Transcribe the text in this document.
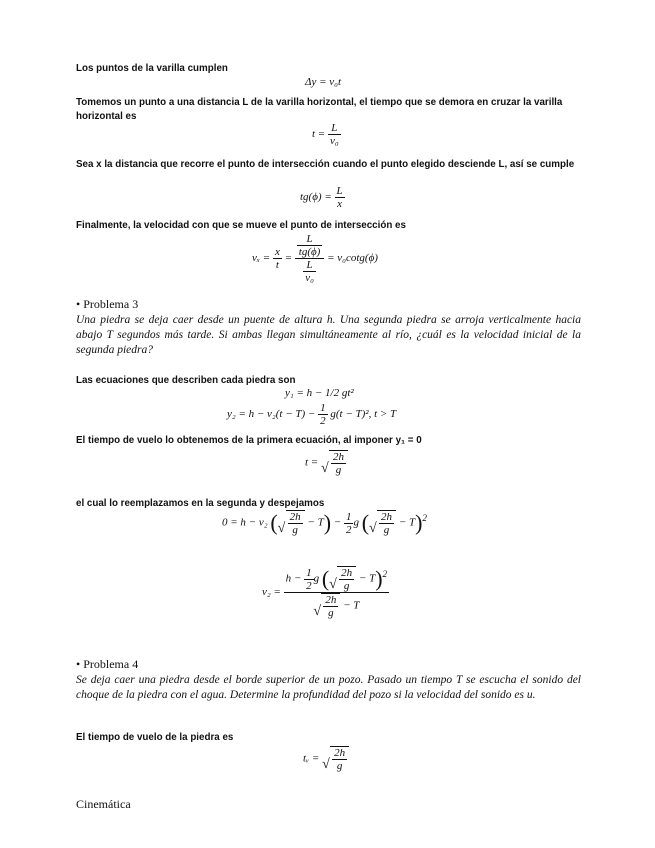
Los puntos de la varilla cumplen
Δy = v₀t
Tomemos un punto a una distancia L de la varilla horizontal, el tiempo que se demora en cruzar la varilla horizontal es
$t = \frac{L}{\text{v₀}}$
Sea x la distancia que recorre el punto de intersección cuando el punto elegido desciende L, así se cumple
$tg(\phi) = \frac{L}{x}$
Finalmente, la velocidad con que se mueve el punto de intersección es
$v_x = \frac{x}{t} = \frac{\frac{L}{tg(\phi)}}{\frac{L}{\text{v₀}}} = v_0\cot g(\phi)$
• Problema 3
Una piedra se deja caer desde un puente de altura h. Una segunda piedra se arroja verticalmente hacia abajo T segundos más tarde. Si ambas llegan simultáneamente al río, ¿cuál es la velocidad inicial de la segunda piedra?
Las ecuaciones que describen cada piedra son
y₁ = h − 1/2 gt²
$y_2 = h - v_2(t - T) - \frac{1}{2} g(t - T)^2$, t > T
El tiempo de vuelo lo obtenemos de la primera ecuación, al imponer y₁ = 0
t = √ $\frac{2h}{g}$
el cual lo reemplazamos en la segunda y despejamos
0 = h − v₂ ( √ $\frac{2h}{g} - T) - \frac{1}{2}$ g ( √ $\frac{2h}{g} - T)^2$
$v_2 = \frac{h - \frac{1}{2} g ( √ \frac{2h}{g} - T)^2}{√ \frac{2h}{g} - T}$
• Problema 4
Se deja caer una piedra desde el borde superior de un pozo. Pasado un tiempo T se escucha el sonido del choque de la piedra con el agua. Determine la profundidad del pozo si la velocidad del sonido es u.
El tiempo de vuelo de la piedra es
tᵥ = √ $\frac{2h}{g}$
Cinemática
